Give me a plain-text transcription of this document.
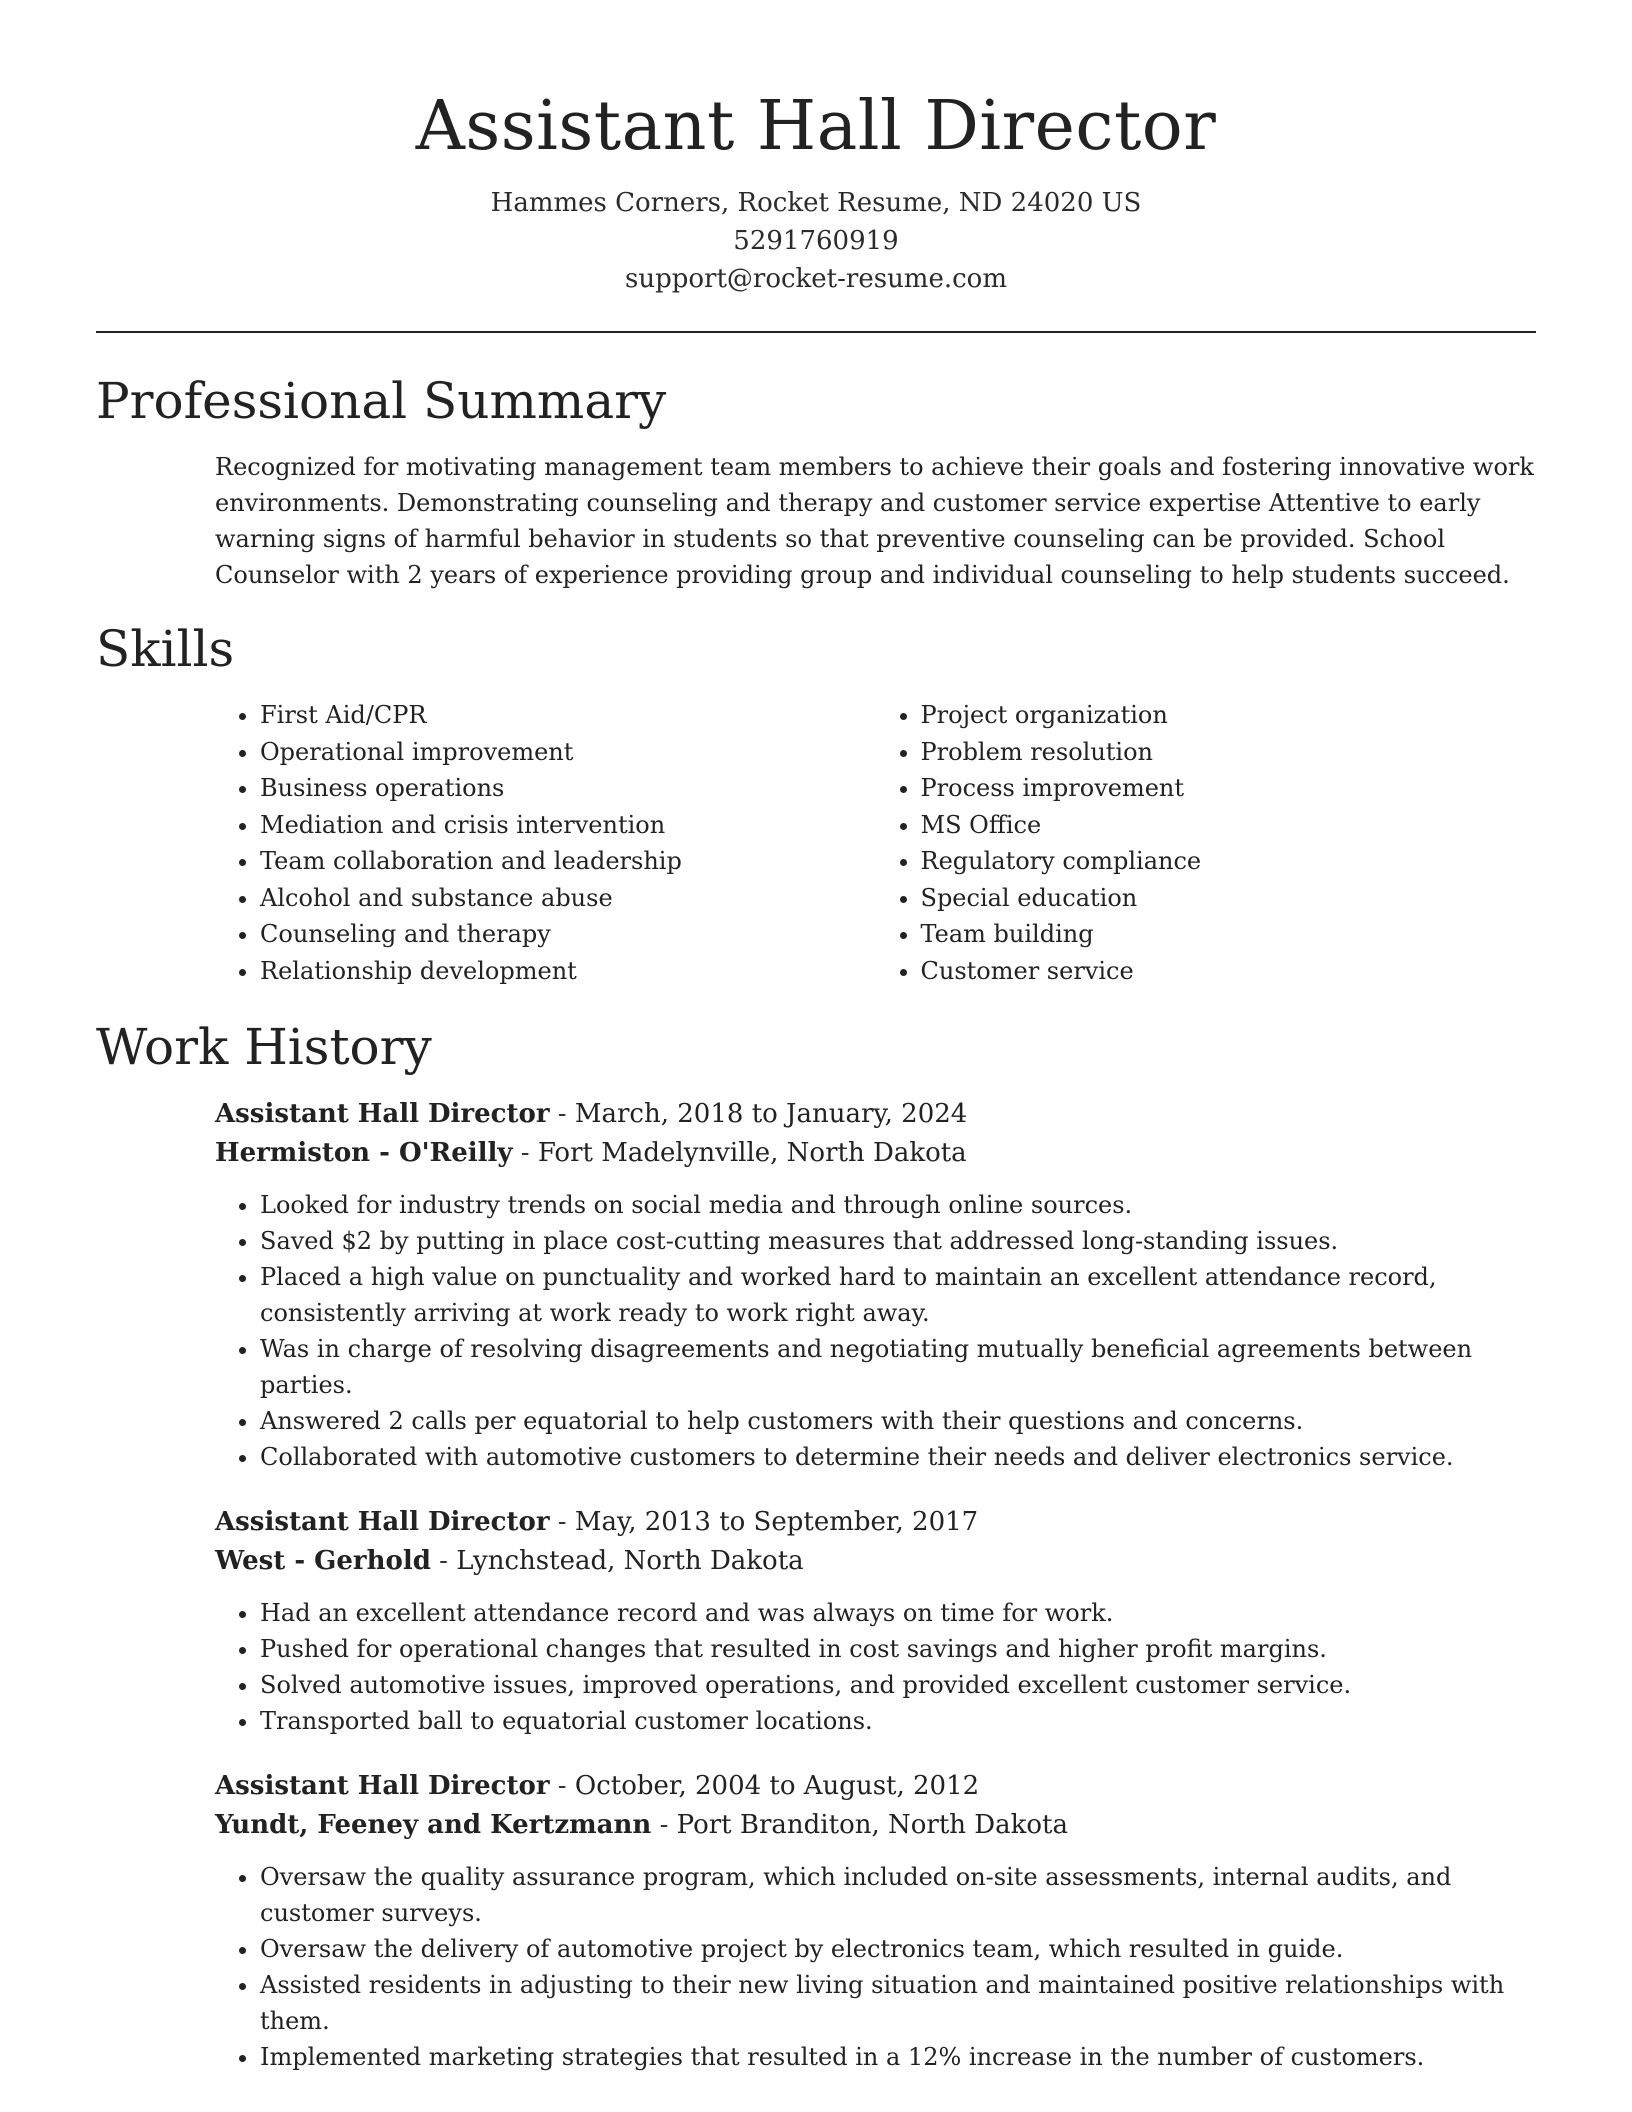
Assistant Hall Director
Hammes Corners, Rocket Resume, ND 24020 US
5291760919
support@rocket-resume.com
Professional Summary

Recognized for motivating management team members to achieve their goals and fostering innovative work environments. Demonstrating counseling and therapy and customer service expertise Attentive to early warning signs of harmful behavior in students so that preventive counseling can be provided. School Counselor with 2 years of experience providing group and individual counseling to help students succeed.

Skills
• First Aid/CPR
• Operational improvement
• Business operations
• Mediation and crisis intervention
• Team collaboration and leadership
• Alcohol and substance abuse
• Counseling and therapy
• Relationship development
• Project organization
• Problem resolution
• Process improvement
• MS Office
• Regulatory compliance
• Special education
• Team building
• Customer service
Work History
Assistant Hall Director - March, 2018 to January, 2024
Hermiston - O'Reilly - Fort Madelynville, North Dakota
• Looked for industry trends on social media and through online sources.
• Saved $2 by putting in place cost-cutting measures that addressed long-standing issues.
• Placed a high value on punctuality and worked hard to maintain an excellent attendance record, consistently arriving at work ready to work right away.
• Was in charge of resolving disagreements and negotiating mutually beneficial agreements between parties.
• Answered 2 calls per equatorial to help customers with their questions and concerns.
• Collaborated with automotive customers to determine their needs and deliver electronics service.
Assistant Hall Director - May, 2013 to September, 2017
West - Gerhold - Lynchstead, North Dakota
• Had an excellent attendance record and was always on time for work.
• Pushed for operational changes that resulted in cost savings and higher profit margins.
• Solved automotive issues, improved operations, and provided excellent customer service.
• Transported ball to equatorial customer locations.
Assistant Hall Director - October, 2004 to August, 2012
Yundt, Feeney and Kertzmann - Port Branditon, North Dakota
• Oversaw the quality assurance program, which included on-site assessments, internal audits, and customer surveys.
• Oversaw the delivery of automotive project by electronics team, which resulted in guide.
• Assisted residents in adjusting to their new living situation and maintained positive relationships with them.
• Implemented marketing strategies that resulted in a 12% increase in the number of customers.
